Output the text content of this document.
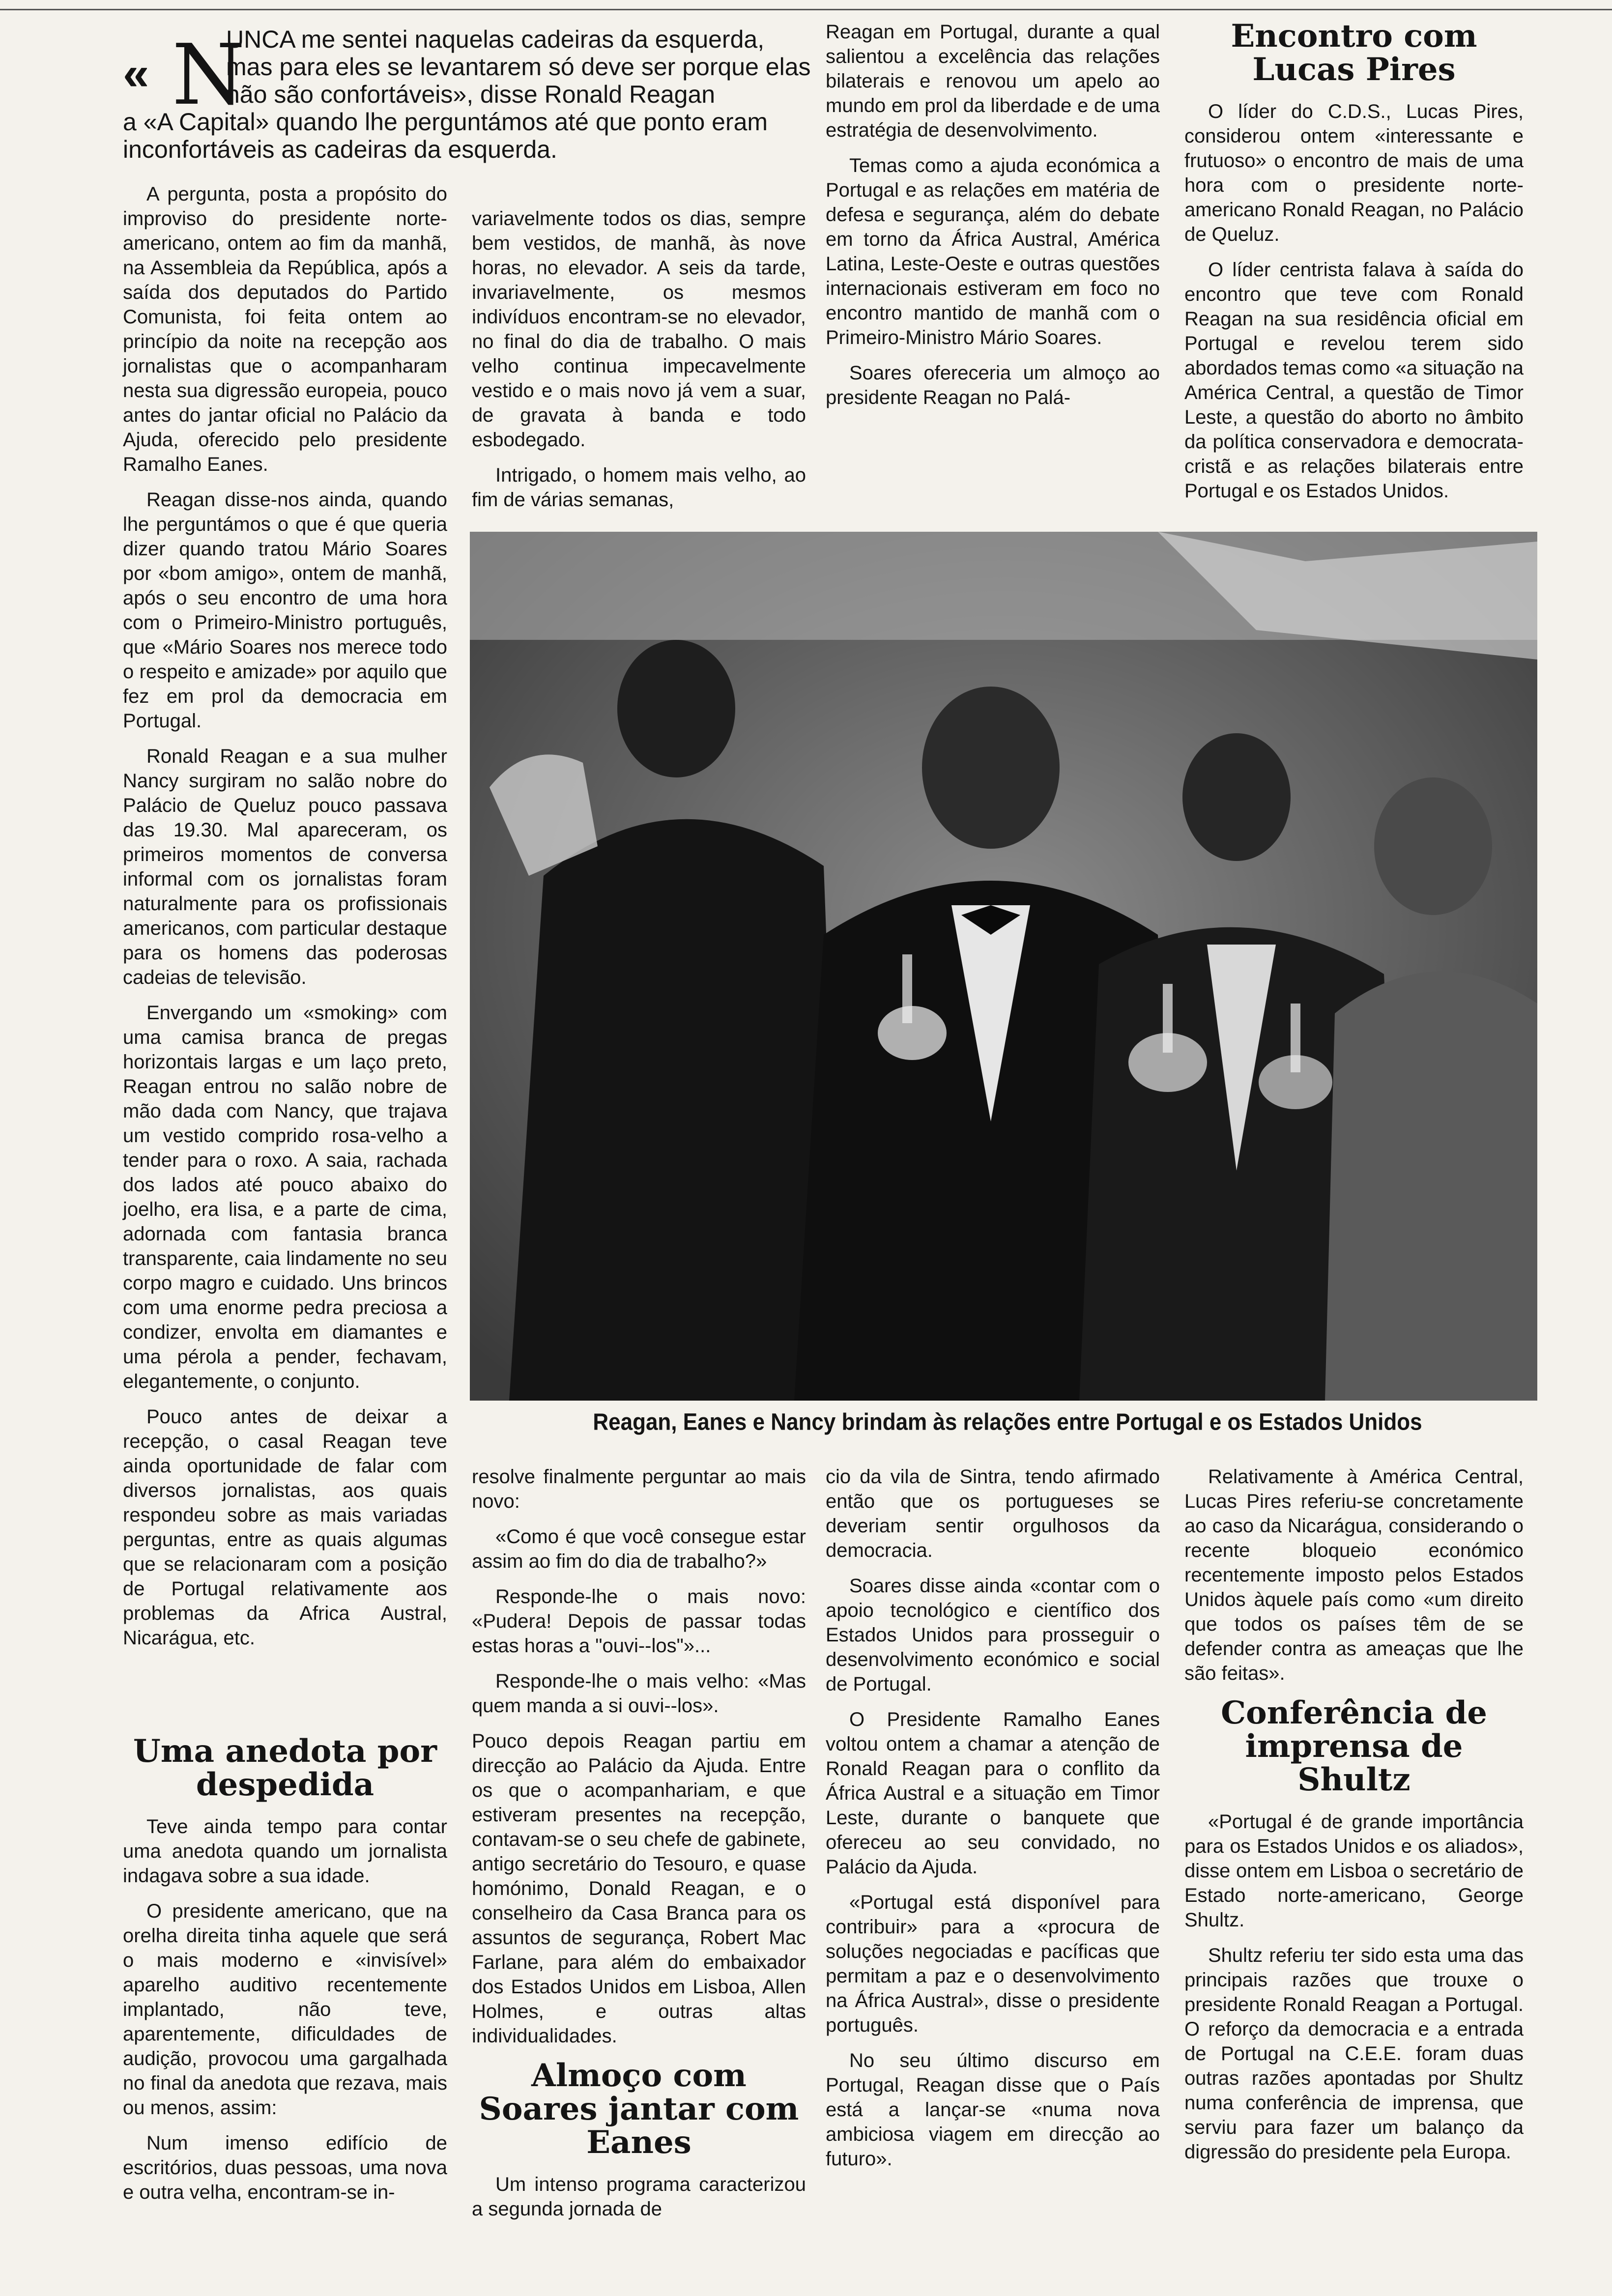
« N
UNCA me sentei naquelas cadeiras da esquerda, mas para eles se levantarem só deve ser porque elas não são confortáveis», disse Ronald Reagan
a «A Capital» quando lhe perguntámos até que ponto eram inconfortáveis as cadeiras da esquerda.

A pergunta, posta a propósito do improviso do presidente norte-americano, ontem ao fim da manhã, na Assembleia da República, após a saída dos deputados do Partido Comunista, foi feita ontem ao princípio da noite na recepção aos jornalistas que o acompanharam nesta sua digressão europeia, pouco antes do jantar oficial no Palácio da Ajuda, oferecido pelo presidente Ramalho Eanes.

Reagan disse-nos ainda, quando lhe perguntámos o que é que queria dizer quando tratou Mário Soares por «bom amigo», ontem de manhã, após o seu encontro de uma hora com o Primeiro-Ministro português, que «Mário Soares nos merece todo o respeito e amizade» por aquilo que fez em prol da democracia em Portugal.

Ronald Reagan e a sua mulher Nancy surgiram no salão nobre do Palácio de Queluz pouco passava das 19.30. Mal apareceram, os primeiros momentos de conversa informal com os jornalistas foram naturalmente para os profissionais americanos, com particular destaque para os homens das poderosas cadeias de televisão.

Envergando um «smoking» com uma camisa branca de pregas horizontais largas e um laço preto, Reagan entrou no salão nobre de mão dada com Nancy, que trajava um vestido comprido rosa-velho a tender para o roxo. A saia, rachada dos lados até pouco abaixo do joelho, era lisa, e a parte de cima, adornada com fantasia branca transparente, caia lindamente no seu corpo magro e cuidado. Uns brincos com uma enorme pedra preciosa a condizer, envolta em diamantes e uma pérola a pender, fechavam, elegantemente, o conjunto.

Pouco antes de deixar a recepção, o casal Reagan teve ainda oportunidade de falar com diversos jornalistas, aos quais respondeu sobre as mais variadas perguntas, entre as quais algumas que se relacionaram com a posição de Portugal relativamente aos problemas da Africa Austral, Nicarágua, etc.

Uma anedota por despedida

Teve ainda tempo para contar uma anedota quando um jornalista indagava sobre a sua idade.

O presidente americano, que na orelha direita tinha aquele que será o mais moderno e «invisível» aparelho auditivo recentemente implantado, não teve, aparentemente, dificuldades de audição, provocou uma gargalhada no final da anedota que rezava, mais ou menos, assim:

Num imenso edifício de escritórios, duas pessoas, uma nova e outra velha, encontram-se in-

variavelmente todos os dias, sempre bem vestidos, de manhã, às nove horas, no elevador. A seis da tarde, invariavelmente, os mesmos indivíduos encontram-se no elevador, no final do dia de trabalho. O mais velho continua impecavelmente vestido e o mais novo já vem a suar, de gravata à banda e todo esbodegado.

Intrigado, o homem mais velho, ao fim de várias semanas,

resolve finalmente perguntar ao mais novo:

«Como é que você consegue estar assim ao fim do dia de trabalho?»

Responde-lhe o mais novo: «Pudera! Depois de passar todas estas horas a "ouvi--los"»...

Responde-lhe o mais velho: «Mas quem manda a si ouvi--los».

Pouco depois Reagan partiu em direcção ao Palácio da Ajuda. Entre os que o acompanhariam, e que estiveram presentes na recepção, contavam-se o seu chefe de gabinete, antigo secretário do Tesouro, e quase homónimo, Donald Reagan, e o conselheiro da Casa Branca para os assuntos de segurança, Robert Mac Farlane, para além do embaixador dos Estados Unidos em Lisboa, Allen Holmes, e outras altas individualidades.

Almoço com Soares jantar com Eanes

Um intenso programa caracterizou a segunda jornada de

Reagan em Portugal, durante a qual salientou a excelência das relações bilaterais e renovou um apelo ao mundo em prol da liberdade e de uma estratégia de desenvolvimento.

Temas como a ajuda económica a Portugal e as relações em matéria de defesa e segurança, além do debate em torno da África Austral, América Latina, Leste-Oeste e outras questões internacionais estiveram em foco no encontro mantido de manhã com o Primeiro-Ministro Mário Soares.

Soares ofereceria um almoço ao presidente Reagan no Palá-

cio da vila de Sintra, tendo afirmado então que os portugueses se deveriam sentir orgulhosos da democracia.

Soares disse ainda «contar com o apoio tecnológico e científico dos Estados Unidos para prosseguir o desenvolvimento económico e social de Portugal.

O Presidente Ramalho Eanes voltou ontem a chamar a atenção de Ronald Reagan para o conflito da África Austral e a situação em Timor Leste, durante o banquete que ofereceu ao seu convidado, no Palácio da Ajuda.

«Portugal está disponível para contribuir» para a «procura de soluções negociadas e pacíficas que permitam a paz e o desenvolvimento na África Austral», disse o presidente português.

No seu último discurso em Portugal, Reagan disse que o País está a lançar-se «numa nova ambiciosa viagem em direcção ao futuro».

Encontro com Lucas Pires

O líder do C.D.S., Lucas Pires, considerou ontem «interessante e frutuoso» o encontro de mais de uma hora com o presidente norte-americano Ronald Reagan, no Palácio de Queluz.

O líder centrista falava à saída do encontro que teve com Ronald Reagan na sua residência oficial em Portugal e revelou terem sido abordados temas como «a situação na América Central, a questão de Timor Leste, a questão do aborto no âmbito da política conservadora e democrata-cristã e as relações bilaterais entre Portugal e os Estados Unidos.

Relativamente à América Central, Lucas Pires referiu-se concretamente ao caso da Nicarágua, considerando o recente bloqueio económico recentemente imposto pelos Estados Unidos àquele país como «um direito que todos os países têm de se defender contra as ameaças que lhe são feitas».

Conferência de imprensa de Shultz

«Portugal é de grande importância para os Estados Unidos e os aliados», disse ontem em Lisboa o secretário de Estado norte-americano, George Shultz.

Shultz referiu ter sido esta uma das principais razões que trouxe o presidente Ronald Reagan a Portugal. O reforço da democracia e a entrada de Portugal na C.E.E. foram duas outras razões apontadas por Shultz numa conferência de imprensa, que serviu para fazer um balanço da digressão do presidente pela Europa.

Reagan, Eanes e Nancy brindam às relações entre Portugal e os Estados Unidos
